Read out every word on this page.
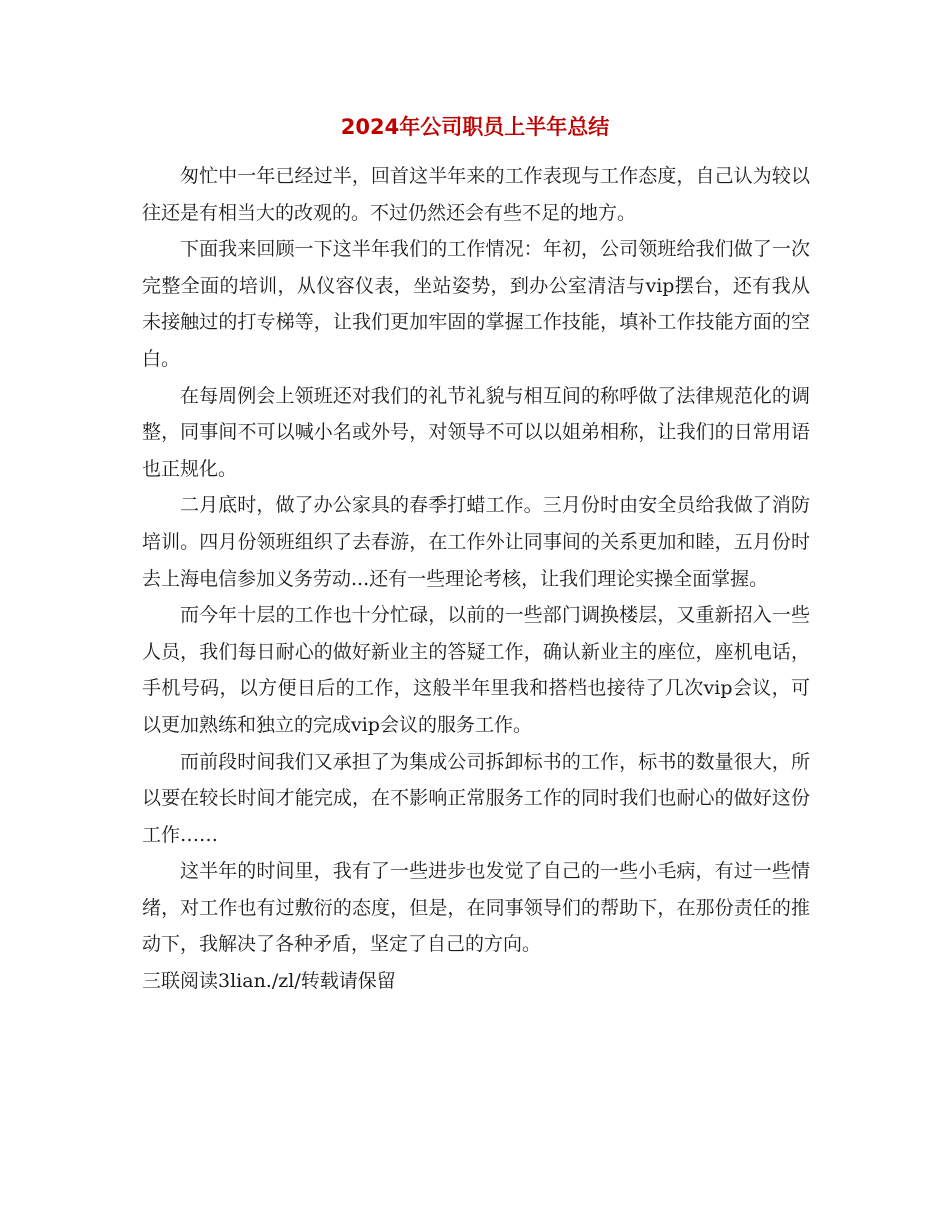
2024年公司职员上半年总结

匆忙中一年已经过半，回首这半年来的工作表现与工作态度，自己认为较以往还是有相当大的改观的。不过仍然还会有些不足的地方。

下面我来回顾一下这半年我们的工作情况：年初，公司领班给我们做了一次完整全面的培训，从仪容仪表，坐站姿势，到办公室清洁与vip摆台，还有我从未接触过的打专梯等，让我们更加牢固的掌握工作技能，填补工作技能方面的空白。

在每周例会上领班还对我们的礼节礼貌与相互间的称呼做了法律规范化的调整，同事间不可以喊小名或外号，对领导不可以以姐弟相称，让我们的日常用语也正规化。

二月底时，做了办公家具的春季打蜡工作。三月份时由安全员给我做了消防培训。四月份领班组织了去春游，在工作外让同事间的关系更加和睦，五月份时去上海电信参加义务劳动...还有一些理论考核，让我们理论实操全面掌握。

而今年十层的工作也十分忙碌，以前的一些部门调换楼层，又重新招入一些人员，我们每日耐心的做好新业主的答疑工作，确认新业主的座位，座机电话，手机号码，以方便日后的工作，这般半年里我和搭档也接待了几次vip会议，可以更加熟练和独立的完成vip会议的服务工作。

而前段时间我们又承担了为集成公司拆卸标书的工作，标书的数量很大，所以要在较长时间才能完成，在不影响正常服务工作的同时我们也耐心的做好这份工作……

这半年的时间里，我有了一些进步也发觉了自己的一些小毛病，有过一些情绪，对工作也有过敷衍的态度，但是，在同事领导们的帮助下，在那份责任的推动下，我解决了各种矛盾，坚定了自己的方向。

三联阅读3lian./zl/转载请保留
